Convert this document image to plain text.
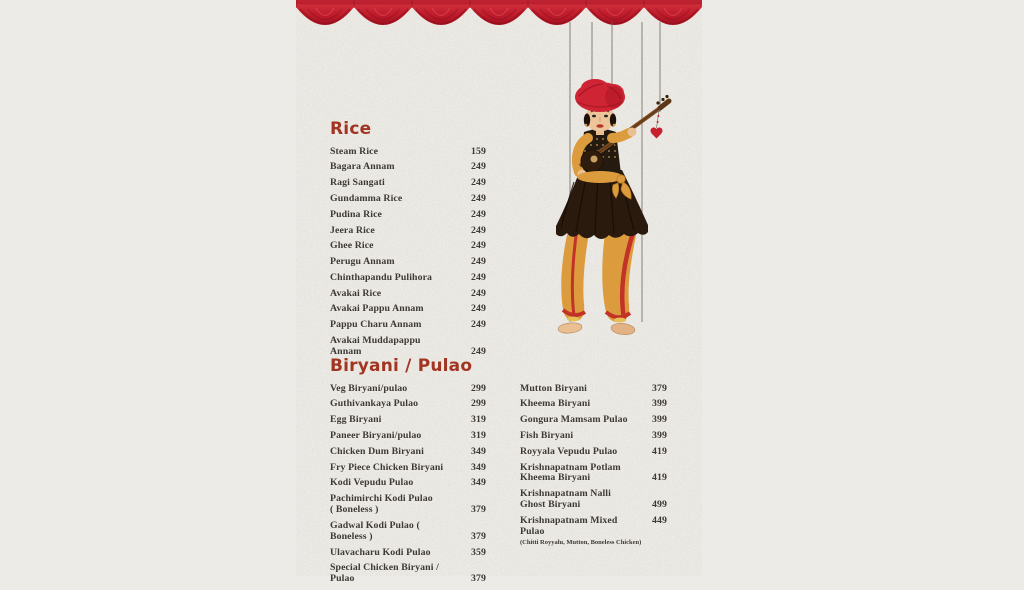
Rice
Steam Rice	159
Bagara Annam	249
Ragi Sangati	249
Gundamma Rice	249
Pudina Rice	249
Jeera Rice	249
Ghee Rice	249
Perugu Annam	249
Chinthapandu Pulihora	249
Avakai Rice	249
Avakai Pappu Annam	249
Pappu Charu Annam	249
Avakai Muddapappu Annam	249
Biryani / Pulao
Veg Biryani/pulao	299
Guthivankaya Pulao	299
Egg Biryani	319
Paneer Biryani/pulao	319
Chicken Dum Biryani	349
Fry Piece Chicken Biryani	349
Kodi Vepudu Pulao	349
Pachimirchi Kodi Pulao
( Boneless )	379
Gadwal Kodi Pulao ( Boneless )	379
Ulavacharu Kodi Pulao	359
Special Chicken Biryani / Pulao	379
Mutton Biryani	379
Kheema Biryani	399
Gongura Mamsam Pulao	399
Fish Biryani	399
Royyala Vepudu Pulao	419
Krishnapatnam Potlam
Kheema Biryani	419
Krishnapatnam Nalli
Ghost Biryani	499
Krishnapatnam Mixed Pulao
(Chitti Royyalu, Mutton, Boneless Chicken)
449
